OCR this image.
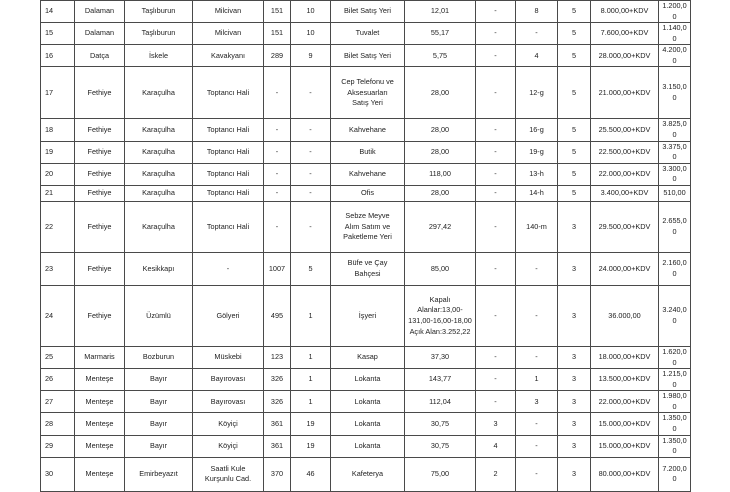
14	Dalaman	Taşlıburun	Milcivan	151	10	Bilet Satış Yeri	12,01	-	8	5	8.000,00+KDV	1.200,00
15	Dalaman	Taşlıburun	Milcivan	151	10	Tuvalet	55,17	-	-	5	7.600,00+KDV	1.140,00
16	Datça	İskele	Kavakyanı	289	9	Bilet Satış Yeri	5,75	-	4	5	28.000,00+KDV	4.200,00
17	Fethiye	Karaçulha	Toptancı Hali	-	-	Cep Telefonu ve
Aksesuarları
Satış Yeri	28,00	-	12-g	5	21.000,00+KDV	3.150,00
18	Fethiye	Karaçulha	Toptancı Hali	-	-	Kahvehane	28,00	-	16-g	5	25.500,00+KDV	3.825,00
19	Fethiye	Karaçulha	Toptancı Hali	-	-	Butik	28,00	-	19-g	5	22.500,00+KDV	3.375,00
20	Fethiye	Karaçulha	Toptancı Hali	-	-	Kahvehane	118,00	-	13-h	5	22.000,00+KDV	3.300,00
21	Fethiye	Karaçulha	Toptancı Hali	-	-	Ofis	28,00	-	14-h	5	3.400,00+KDV	510,00
22	Fethiye	Karaçulha	Toptancı Hali	-	-	Sebze Meyve
Alım Satım ve
Paketleme Yeri	297,42	-	140-m	3	29.500,00+KDV	2.655,00
23	Fethiye	Kesikkapı	-	1007	5	Büfe ve Çay
Bahçesi	85,00	-	-	3	24.000,00+KDV	2.160,00
24	Fethiye	Üzümlü	Gölyeri	495	1	İşyeri	Kapalı
Alanlar:13,00-
131,00-16,00-18,00
Açık Alan:3.252,22	-	-	3	36.000,00	3.240,00
25	Marmaris	Bozburun	Müskebi	123	1	Kasap	37,30	-	-	3	18.000,00+KDV	1.620,00
26	Menteşe	Bayır	Bayırovası	326	1	Lokanta	143,77	-	1	3	13.500,00+KDV	1.215,00
27	Menteşe	Bayır	Bayırovası	326	1	Lokanta	112,04	-	3	3	22.000,00+KDV	1.980,00
28	Menteşe	Bayır	Köyiçi	361	19	Lokanta	30,75	3	-	3	15.000,00+KDV	1.350,00
29	Menteşe	Bayır	Köyiçi	361	19	Lokanta	30,75	4	-	3	15.000,00+KDV	1.350,00
30	Menteşe	Emirbeyazıt	Saatli Kule
Kurşunlu Cad.	370	46	Kafeterya	75,00	2	-	3	80.000,00+KDV	7.200,00
